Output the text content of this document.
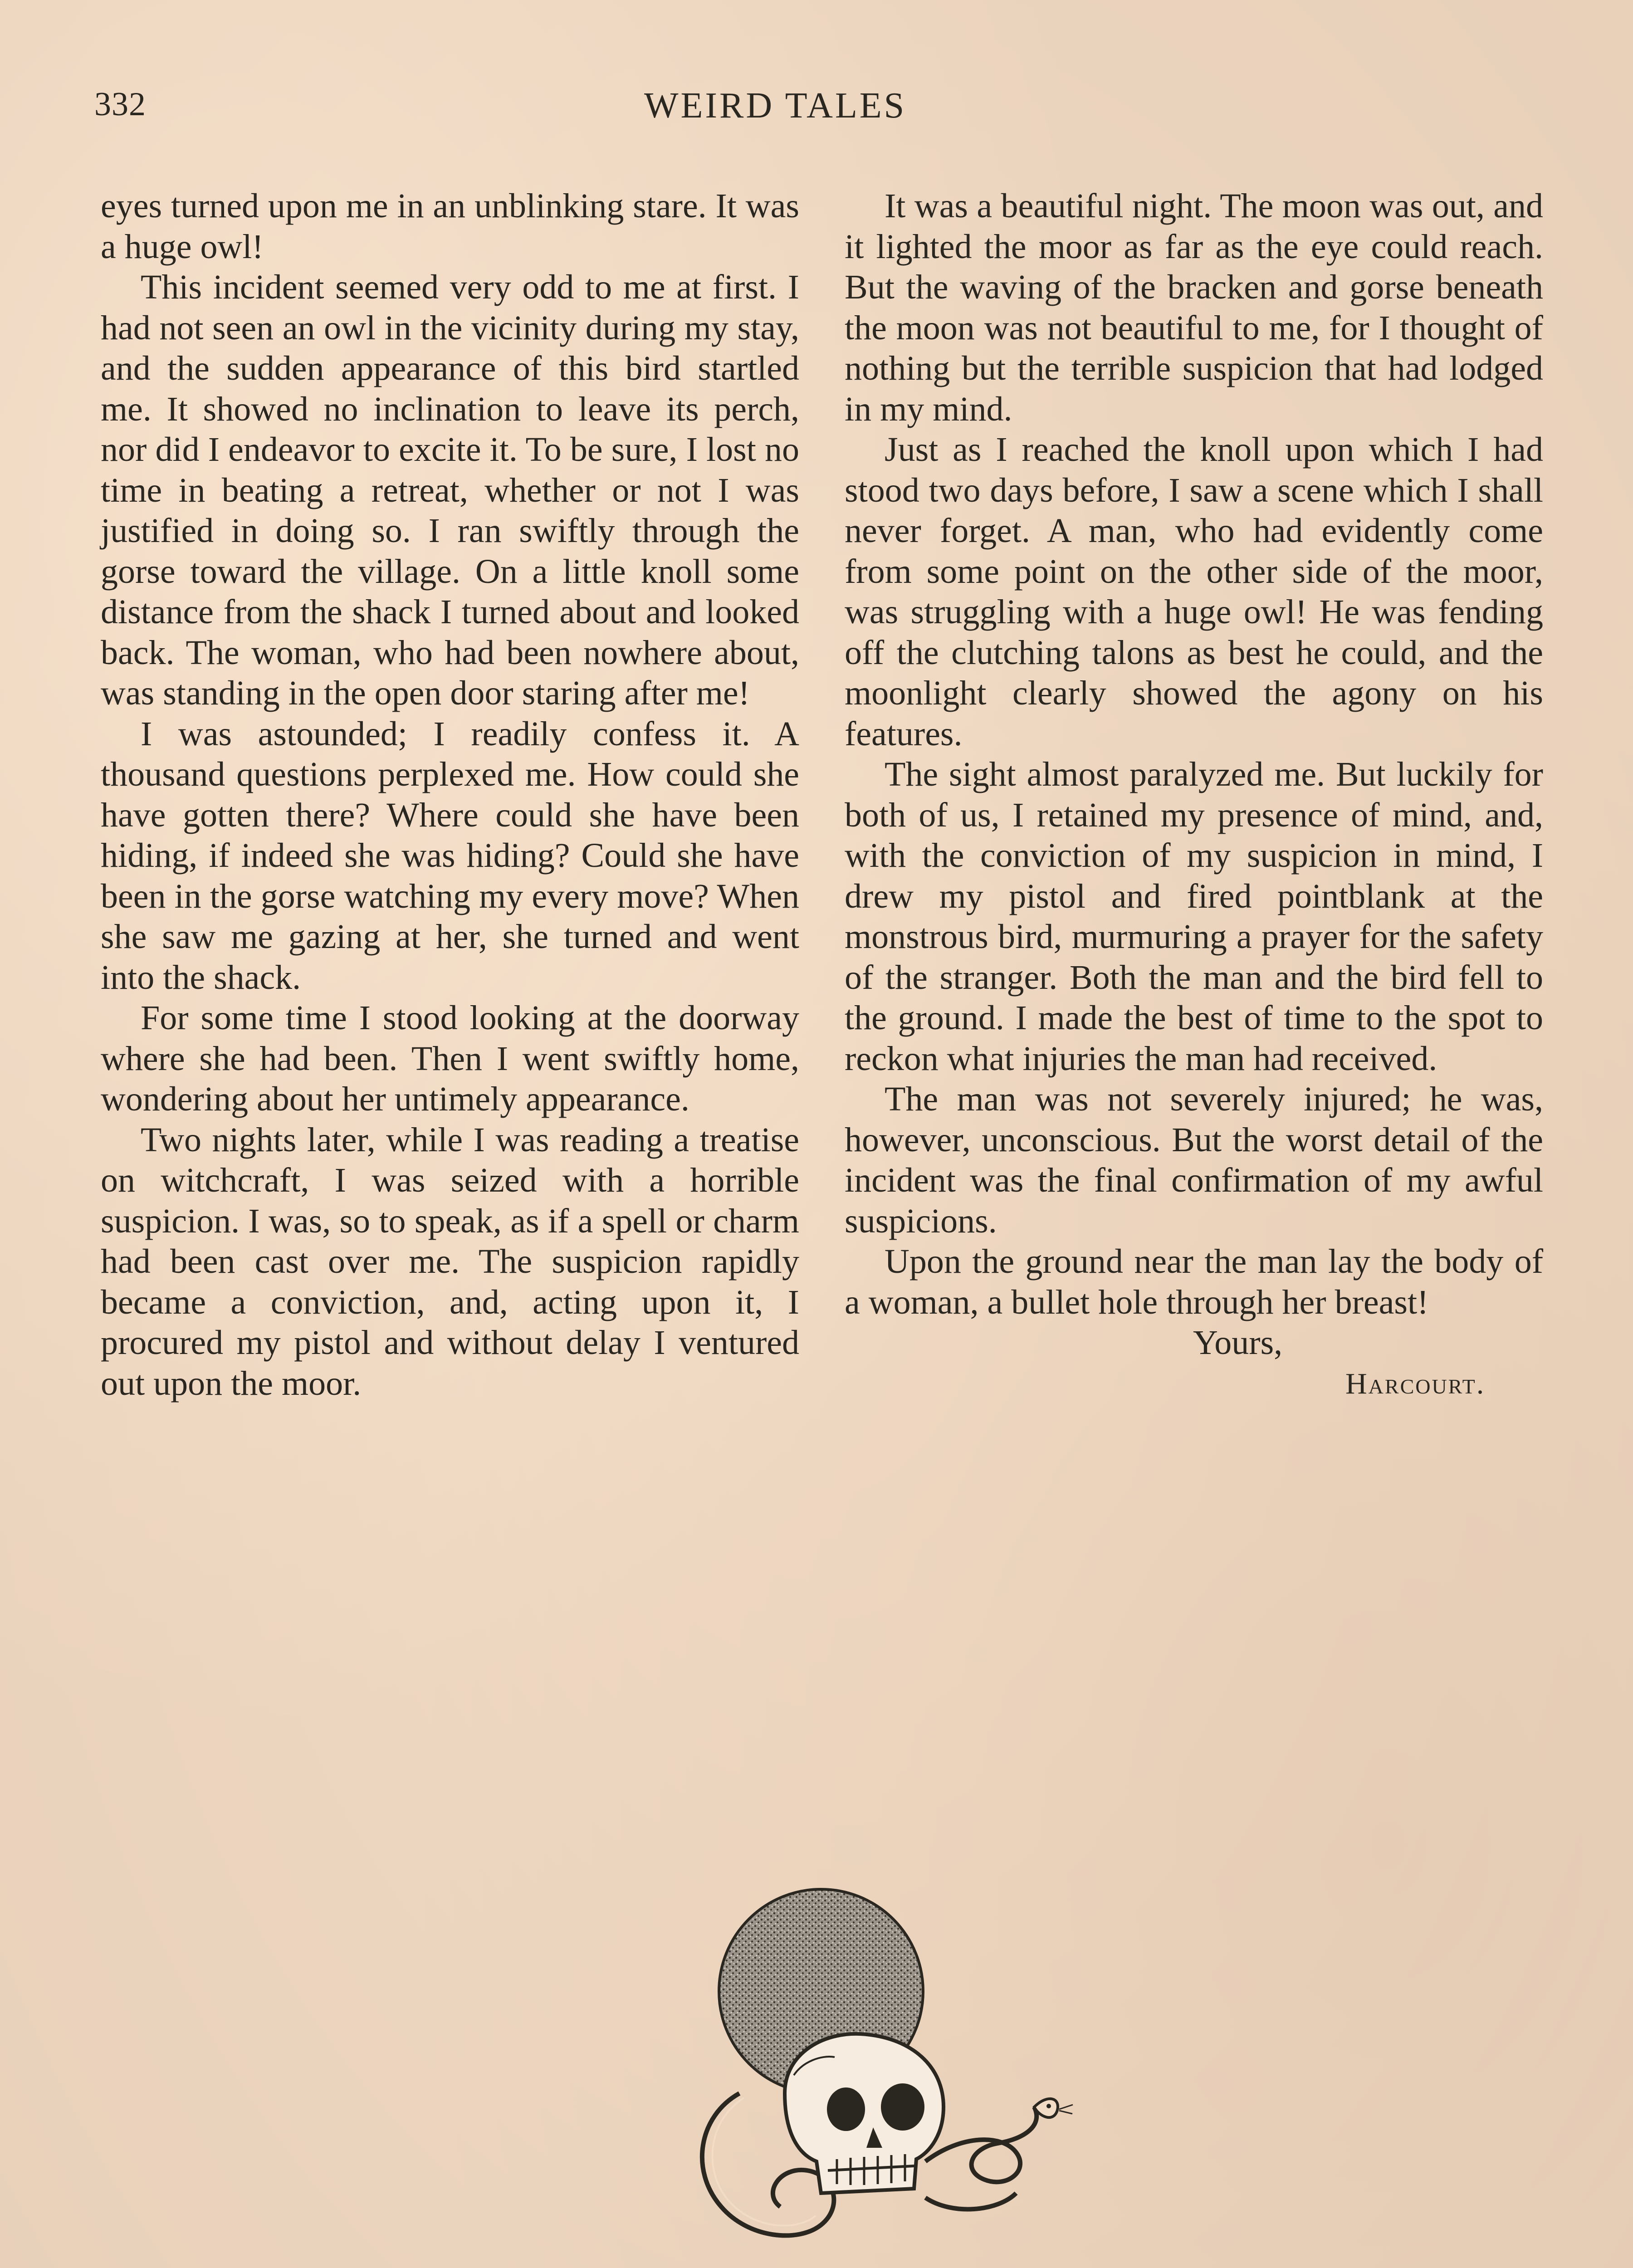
332	WEIRD TALES

eyes turned upon me in an unblinking stare. It was a huge owl!

This incident seemed very odd to me at first. I had not seen an owl in the vicinity during my stay, and the sudden appearance of this bird startled me. It showed no inclination to leave its perch, nor did I endeavor to excite it. To be sure, I lost no time in beating a retreat, whether or not I was justified in doing so. I ran swiftly through the gorse toward the village. On a little knoll some distance from the shack I turned about and looked back. The woman, who had been nowhere about, was standing in the open door staring after me!

I was astounded; I readily confess it. A thousand questions perplexed me. How could she have gotten there? Where could she have been hiding, if indeed she was hiding? Could she have been in the gorse watching my every move? When she saw me gazing at her, she turned and went into the shack.

For some time I stood looking at the doorway where she had been. Then I went swiftly home, wondering about her untimely appearance.

Two nights later, while I was reading a treatise on witchcraft, I was seized with a horrible suspicion. I was, so to speak, as if a spell or charm had been cast over me. The suspicion rapidly became a conviction, and, acting upon it, I procured my pistol and without delay I ventured out upon the moor.

It was a beautiful night. The moon was out, and it lighted the moor as far as the eye could reach. But the waving of the bracken and gorse beneath the moon was not beautiful to me, for I thought of nothing but the terrible suspicion that had lodged in my mind.

Just as I reached the knoll upon which I had stood two days before, I saw a scene which I shall never forget. A man, who had evidently come from some point on the other side of the moor, was struggling with a huge owl! He was fending off the clutching talons as best he could, and the moonlight clearly showed the agony on his features.

The sight almost paralyzed me. But luckily for both of us, I retained my presence of mind, and, with the conviction of my suspicion in mind, I drew my pistol and fired pointblank at the monstrous bird, murmuring a prayer for the safety of the stranger. Both the man and the bird fell to the ground. I made the best of time to the spot to reckon what injuries the man had received.

The man was not severely injured; he was, however, unconscious. But the worst detail of the incident was the final confirmation of my awful suspicions.

Upon the ground near the man lay the body of a woman, a bullet hole through her breast!

Yours,

Harcourt.
